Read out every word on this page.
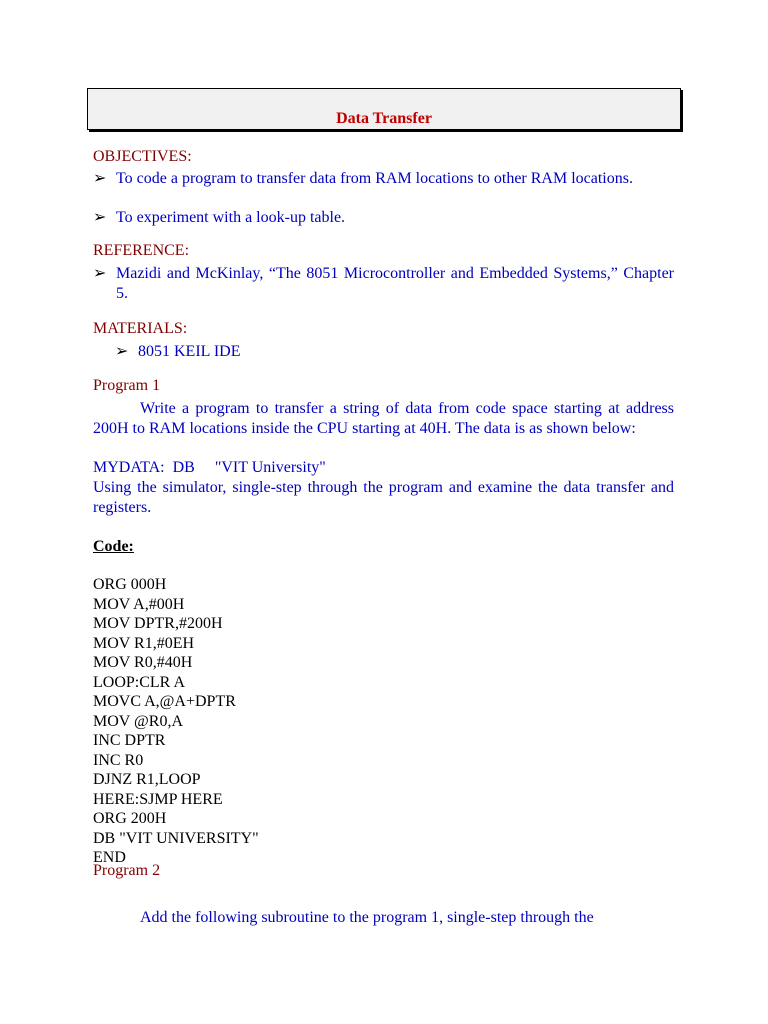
Data Transfer
OBJECTIVES:
➢ To code a program to transfer data from RAM locations to other RAM locations.
➢ To experiment with a look-up table.
REFERENCE:
➢ Mazidi and McKinlay, “The 8051 Microcontroller and Embedded Systems,” Chapter 5.
MATERIALS:
➢ 8051 KEIL IDE
Program 1
Write a program to transfer a string of data from code space starting at address 200H to RAM locations inside the CPU starting at 40H. The data is as shown below:
MYDATA:  DB     "VIT University"
Using the simulator, single-step through the program and examine the data transfer and registers.
Code:
ORG 000H
MOV A,#00H
MOV DPTR,#200H
MOV R1,#0EH
MOV R0,#40H
LOOP:CLR A
MOVC A,@A+DPTR
MOV @R0,A
INC DPTR
INC R0
DJNZ R1,LOOP
HERE:SJMP HERE
ORG 200H
DB "VIT UNIVERSITY"
END
Program 2
Add the following subroutine to the program 1, single-step through the
